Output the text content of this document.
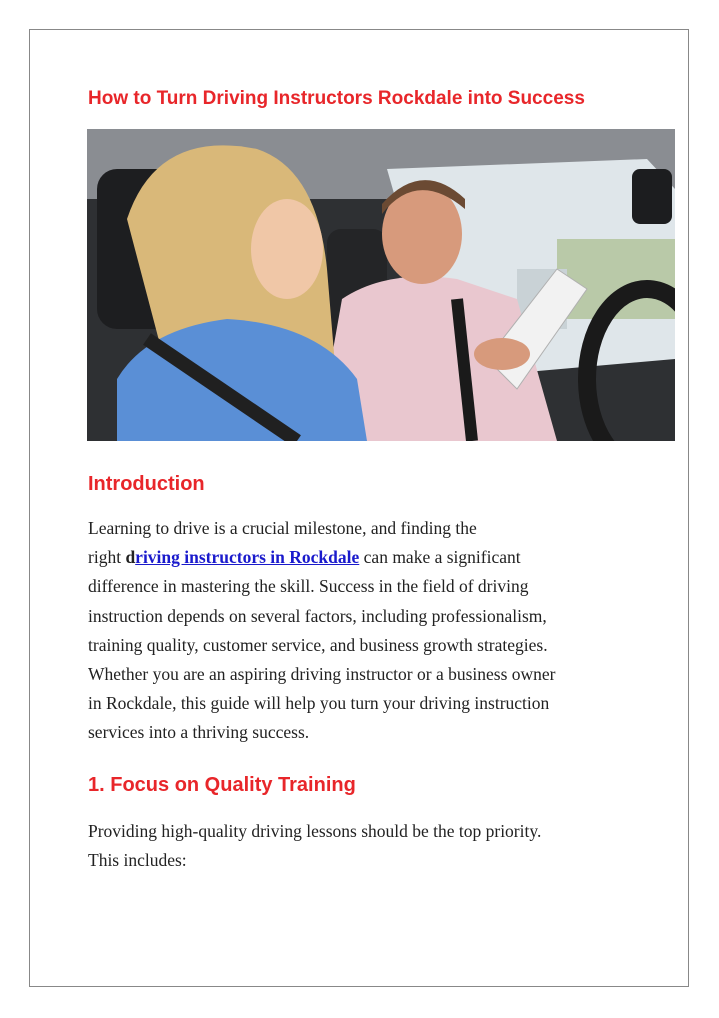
How to Turn Driving Instructors Rockdale into Success
Introduction
Learning to drive is a crucial milestone, and finding the
right driving instructors in Rockdale can make a significant
difference in mastering the skill. Success in the field of driving
instruction depends on several factors, including professionalism,
training quality, customer service, and business growth strategies.
Whether you are an aspiring driving instructor or a business owner
in Rockdale, this guide will help you turn your driving instruction
services into a thriving success.
1. Focus on Quality Training
Providing high-quality driving lessons should be the top priority.
This includes:
